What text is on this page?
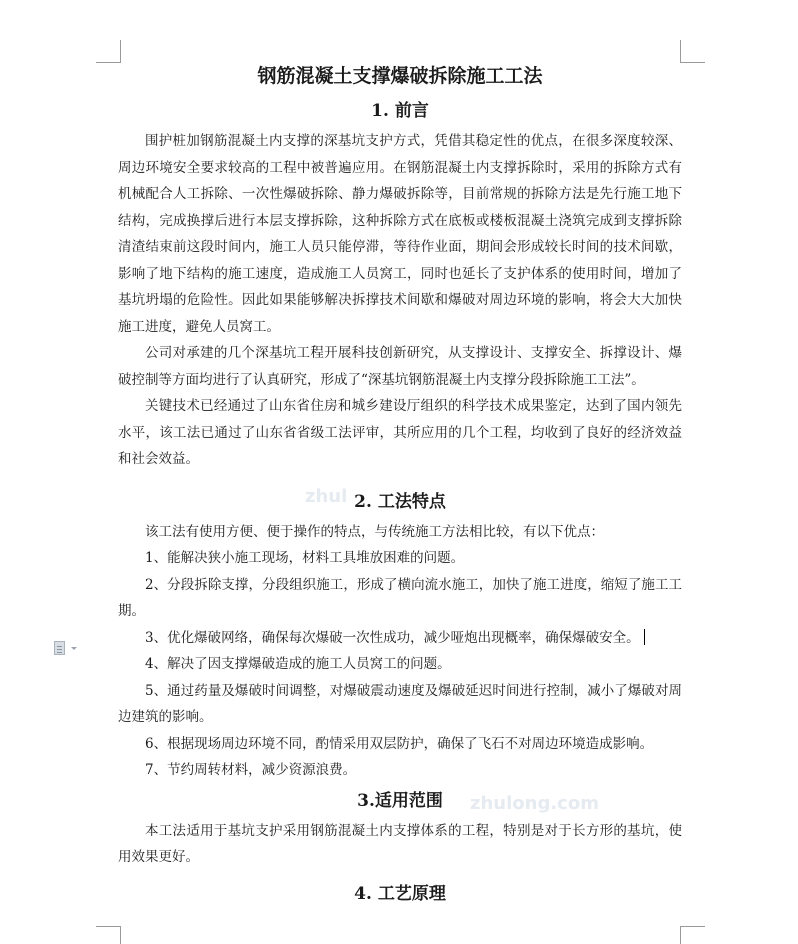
zhul
zhulong.com
钢筋混凝土支撑爆破拆除施工工法
1. 前言

围护桩加钢筋混凝土内支撑的深基坑支护方式，凭借其稳定性的优点，在很多深度较深、周边环境安全要求较高的工程中被普遍应用。在钢筋混凝土内支撑拆除时，采用的拆除方式有机械配合人工拆除、一次性爆破拆除、静力爆破拆除等，目前常规的拆除方法是先行施工地下结构，完成换撑后进行本层支撑拆除，这种拆除方式在底板或楼板混凝土浇筑完成到支撑拆除清渣结束前这段时间内，施工人员只能停滞，等待作业面，期间会形成较长时间的技术间歇，影响了地下结构的施工速度，造成施工人员窝工，同时也延长了支护体系的使用时间，增加了基坑坍塌的危险性。因此如果能够解决拆撑技术间歇和爆破对周边环境的影响，将会大大加快施工进度，避免人员窝工。

公司对承建的几个深基坑工程开展科技创新研究，从支撑设计、支撑安全、拆撑设计、爆破控制等方面均进行了认真研究，形成了“深基坑钢筋混凝土内支撑分段拆除施工工法”。

关键技术已经通过了山东省住房和城乡建设厅组织的科学技术成果鉴定，达到了国内领先水平，该工法已通过了山东省省级工法评审，其所应用的几个工程，均收到了良好的经济效益和社会效益。

2. 工法特点

该工法有使用方便、便于操作的特点，与传统施工方法相比较，有以下优点：

1、能解决狭小施工现场，材料工具堆放困难的问题。

2、分段拆除支撑，分段组织施工，形成了横向流水施工，加快了施工进度，缩短了施工工期。

3、优化爆破网络，确保每次爆破一次性成功，减少哑炮出现概率，确保爆破安全。

4、解决了因支撑爆破造成的施工人员窝工的问题。

5、通过药量及爆破时间调整，对爆破震动速度及爆破延迟时间进行控制，减小了爆破对周边建筑的影响。

6、根据现场周边环境不同，酌情采用双层防护，确保了飞石不对周边环境造成影响。

7、节约周转材料，减少资源浪费。

3.适用范围

本工法适用于基坑支护采用钢筋混凝土内支撑体系的工程，特别是对于长方形的基坑，使用效果更好。

4. 工艺原理
